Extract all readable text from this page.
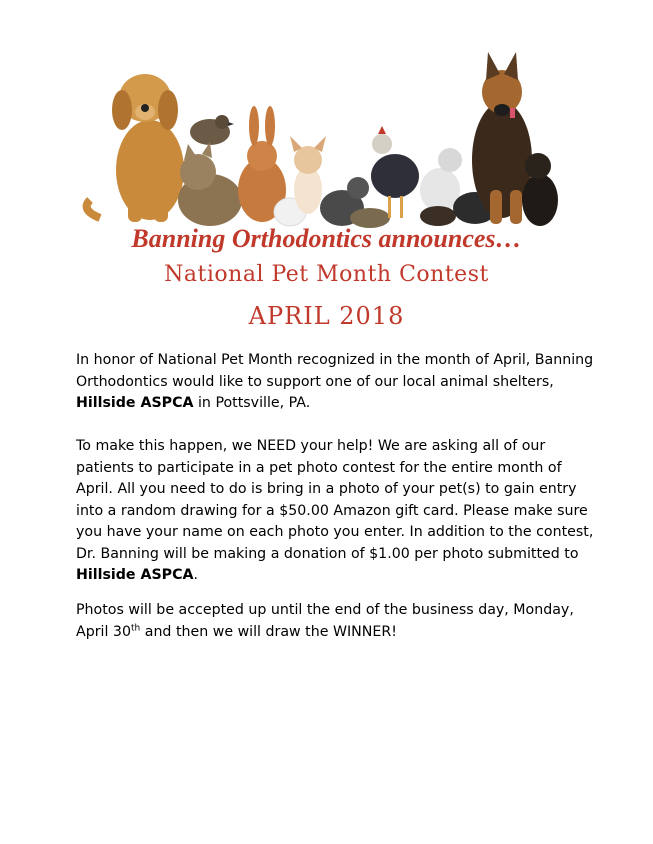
Banning Orthodontics announces…
National Pet Month Contest
APRIL 2018
In honor of National Pet Month recognized in the month of April, Banning Orthodontics would like to support one of our local animal shelters, Hillside ASPCA in Pottsville, PA.
To make this happen, we NEED your help! We are asking all of our patients to participate in a pet photo contest for the entire month of April. All you need to do is bring in a photo of your pet(s) to gain entry into a random drawing for a $50.00 Amazon gift card. Please make sure you have your name on each photo you enter. In addition to the contest, Dr. Banning will be making a donation of $1.00 per photo submitted to Hillside ASPCA.
Photos will be accepted up until the end of the business day, Monday, April 30th and then we will draw the WINNER!
